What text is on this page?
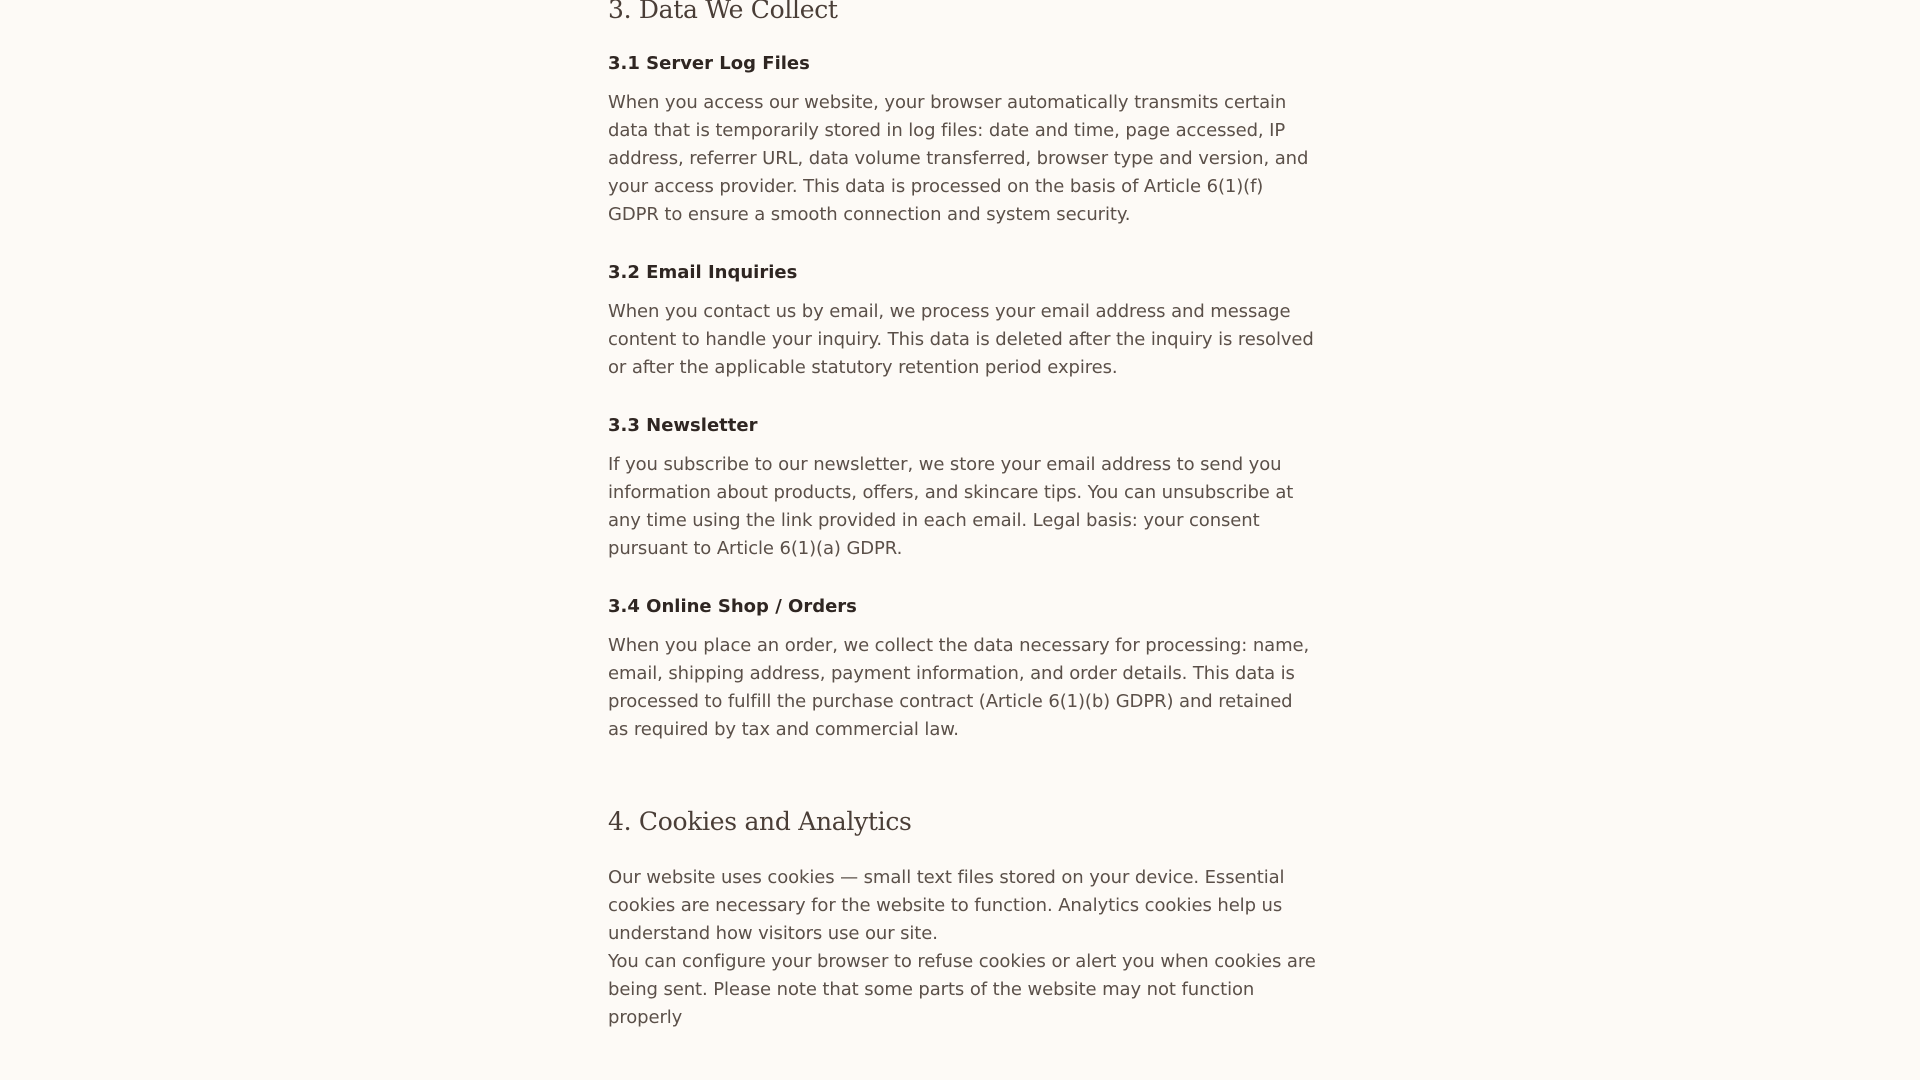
3. Data We Collect
3.1 Server Log Files

When you access our website, your browser automatically transmits certain data that is temporarily stored in log files: date and time, page accessed, IP address, referrer URL, data volume transferred, browser type and version, and your access provider. This data is processed on the basis of Article 6(1)(f) GDPR to ensure a smooth connection and system security.

3.2 Email Inquiries

When you contact us by email, we process your email address and message content to handle your inquiry. This data is deleted after the inquiry is resolved or after the applicable statutory retention period expires.

3.3 Newsletter

If you subscribe to our newsletter, we store your email address to send you information about products, offers, and skincare tips. You can unsubscribe at any time using the link provided in each email. Legal basis: your consent pursuant to Article 6(1)(a) GDPR.

3.4 Online Shop / Orders

When you place an order, we collect the data necessary for processing: name, email, shipping address, payment information, and order details. This data is processed to fulfill the purchase contract (Article 6(1)(b) GDPR) and retained as required by tax and commercial law.

4. Cookies and Analytics

Our website uses cookies — small text files stored on your device. Essential cookies are necessary for the website to function. Analytics cookies help us understand how visitors use our site.

You can configure your browser to refuse cookies or alert you when cookies are being sent. Please note that some parts of the website may not function properly
